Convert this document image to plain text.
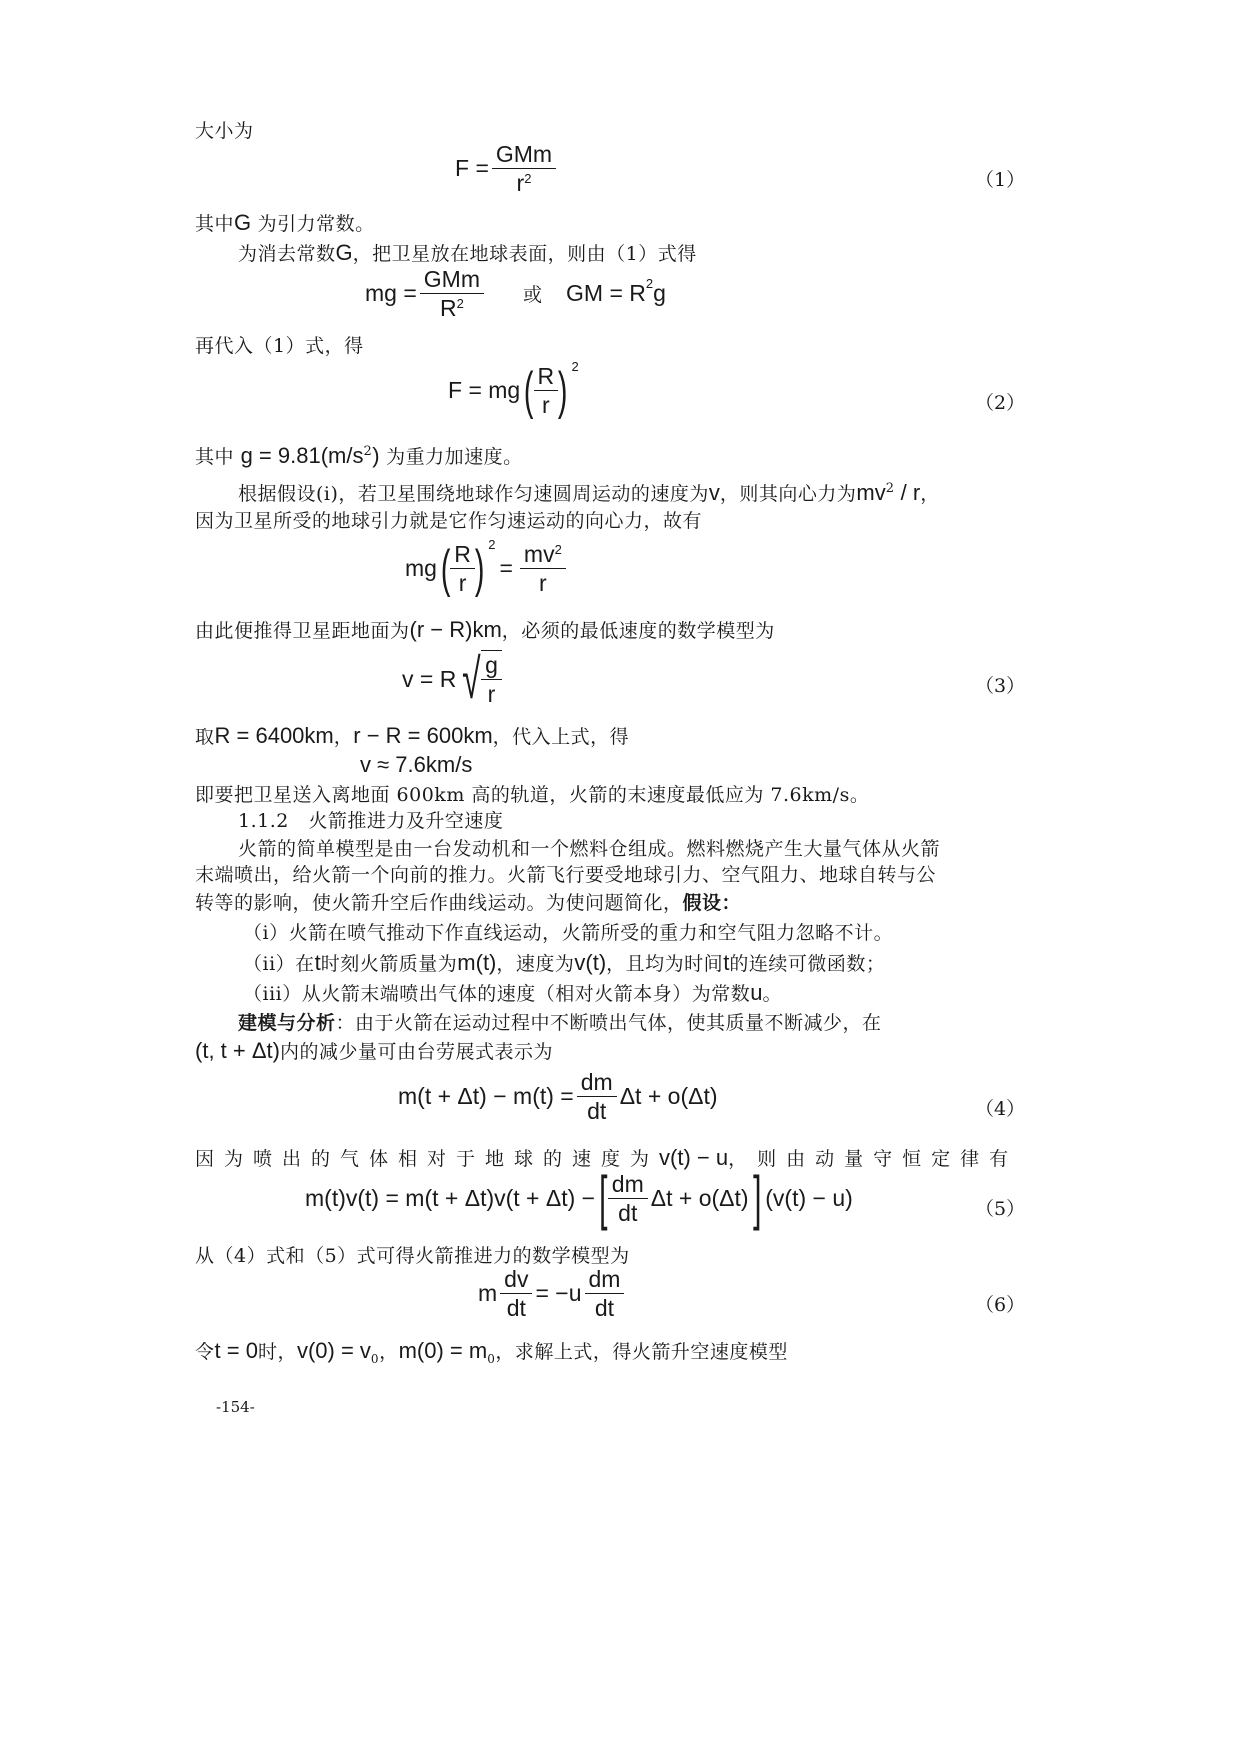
大小为
$F = \frac{\text{GMm}}{r^2}$	（1）
其中G 为引力常数。
为消去常数G，把卫星放在地球表面，则由（1）式得
mg = $\frac{\text{GMm}}{R^2}$ 或 GM = $R^2g$
再代入（1）式，得
F = mg ( $\frac{R}{r}$ ) $^2$
（2）
其中 $g = 9.81(m/s^2)$ 为重力加速度。
根据假设(i)，若卫星围绕地球作匀速圆周运动的速度为v，则其向心力为$mv^2$ / r，
因为卫星所受的地球引力就是它作匀速运动的向心力，故有
mg ( $\frac{R}{r}$ ) $^2$
= $\frac{mv^2}{r}$
由此便推得卫星距地面为(r − R)km，必须的最低速度的数学模型为
v = R √ $\frac{g}{r}$	（3）
取R = 6400km，r − R = 600km，代入上式，得
v ≈ 7.6km/s
即要把卫星送入离地面 600km 高的轨道，火箭的末速度最低应为 7.6km/s。
1.1.2　火箭推进力及升空速度
火箭的简单模型是由一台发动机和一个燃料仓组成。燃料燃烧产生大量气体从火箭
末端喷出，给火箭一个向前的推力。火箭飞行要受地球引力、空气阻力、地球自转与公
转等的影响，使火箭升空后作曲线运动。为使问题简化，假设：
（i）火箭在喷气推动下作直线运动，火箭所受的重力和空气阻力忽略不计。
（ii）在t时刻火箭质量为m(t)，速度为v(t)，且均为时间t的连续可微函数；
（iii）从火箭末端喷出气体的速度（相对火箭本身）为常数u。
建模与分析：由于火箭在运动过程中不断喷出气体，使其质量不断减少，在
(t, t + Δt)内的减少量可由台劳展式表示为
$m(t + \Delta t) - m(t) = \frac{dm}{dt}$ Δt + o(Δt)	（4）
因为喷出的气体相对于地球的速度为v(t) − u，则由动量守恒定律有
m(t)v(t) = m(t + Δt)v(t + Δt) − [ $\frac{dm}{dt}$ Δt + o(Δt) ] (v(t) − u)	（5）
从（4）式和（5）式可得火箭推进力的数学模型为
m $\frac{dv}{dt} = -u \frac{dm}{dt}$	（6）
令t = 0时，$v(0) = v_0$，$m(0) = m_0$，求解上式，得火箭升空速度模型
-154-
